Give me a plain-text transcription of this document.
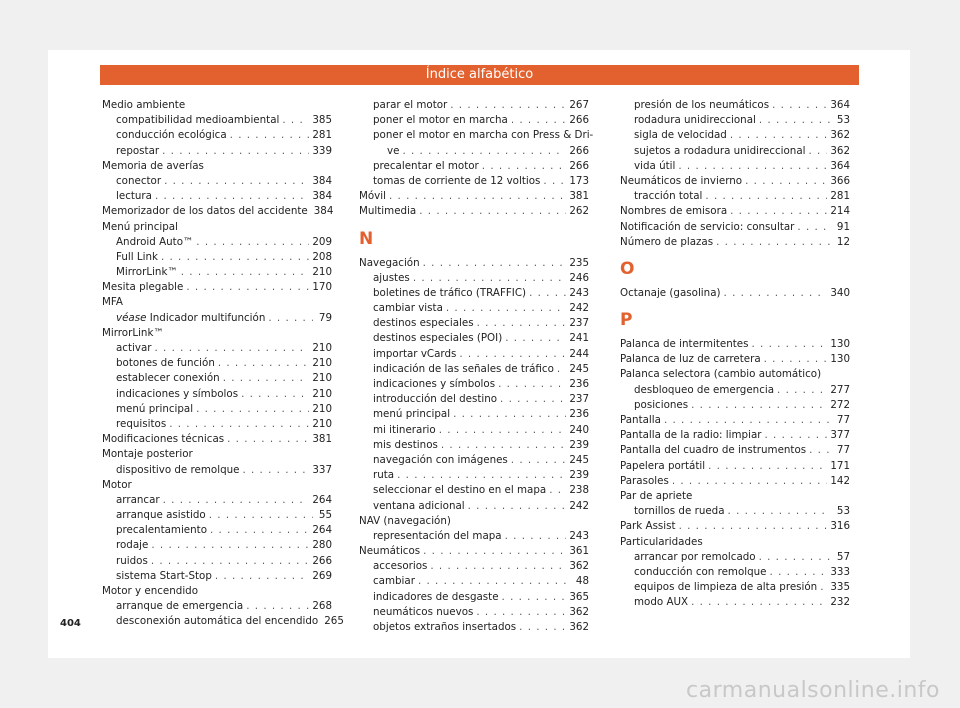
Índice alfabético
Medio ambiente
compatibilidad medioambiental . . .	385
conducción ecológica . . .	281
repostar . . .	339
Memoria de averías
conector . . .	384
lectura . . .	384
Memorizador de los datos del accidente 384
Menú principal
Android Auto™ . . .	209
Full Link . . .	208
MirrorLink™ . . .	210
Mesita plegable . . .	170
MFA
véase Indicador multifunción . . .	79
MirrorLink™
activar . . .	210
botones de función . . .	210
establecer conexión . . .	210
indicaciones y símbolos . . .	210
menú principal . . .	210
requisitos . . .	210
Modificaciones técnicas . . .	381
Montaje posterior
dispositivo de remolque . . .	337
Motor
arrancar . . .	264
arranque asistido . . .	55
precalentamiento . . .	264
rodaje . . .	280
ruidos . . .	266
sistema Start-Stop . . .	269
Motor y encendido
arranque de emergencia . . .	268
desconexión automática del encendido 265
parar el motor . . .	267
poner el motor en marcha . . .	266
poner el motor en marcha con Press & Dri-
ve . . .	266
precalentar el motor . . .	266
tomas de corriente de 12 voltios . . .	173
Móvil . . .	381
Multimedia . . .	262
N
Navegación . . .	235
ajustes . . .	246
boletines de tráfico (TRAFFIC) . . .	243
cambiar vista . . .	242
destinos especiales . . .	237
destinos especiales (POI) . . .	241
importar vCards . . .	244
indicación de las señales de tráfico . . . 245
indicaciones y símbolos . . .	236
introducción del destino . . .	237
menú principal . . .	236
mi itinerario . . .	240
mis destinos . . .	239
navegación con imágenes . . .	245
ruta . . .	239
seleccionar el destino en el mapa . . . 238
ventana adicional . . .	242
NAV (navegación)
representación del mapa . . .	243
Neumáticos . . .	361
accesorios . . .	362
cambiar . . .	48
indicadores de desgaste . . .	365
neumáticos nuevos . . .	362
objetos extraños insertados . . .	362
presión de los neumáticos . . .	364
rodadura unidireccional . . .	53
sigla de velocidad . . .	362
sujetos a rodadura unidireccional . . . 362
vida útil . . .	364
Neumáticos de invierno . . .	366
tracción total . . .	281
Nombres de emisora . . .	214
Notificación de servicio: consultar . . .	91
Número de plazas . . .	12
O
Octanaje (gasolina) . . .	340
P
Palanca de intermitentes . . .	130
Palanca de luz de carretera . . .	130
Palanca selectora (cambio automático)
desbloqueo de emergencia . . .	277
posiciones . . .	272
Pantalla . . .	77
Pantalla de la radio: limpiar . . .	377
Pantalla del cuadro de instrumentos . . .	77
Papelera portátil . . .	171
Parasoles . . .	142
Par de apriete
tornillos de rueda . . .	53
Park Assist . . .	316
Particularidades
arrancar por remolcado . . .	57
conducción con remolque . . .	333
equipos de limpieza de alta presión . . . 335
modo AUX . . .	232
404
carmanualsonline.info
